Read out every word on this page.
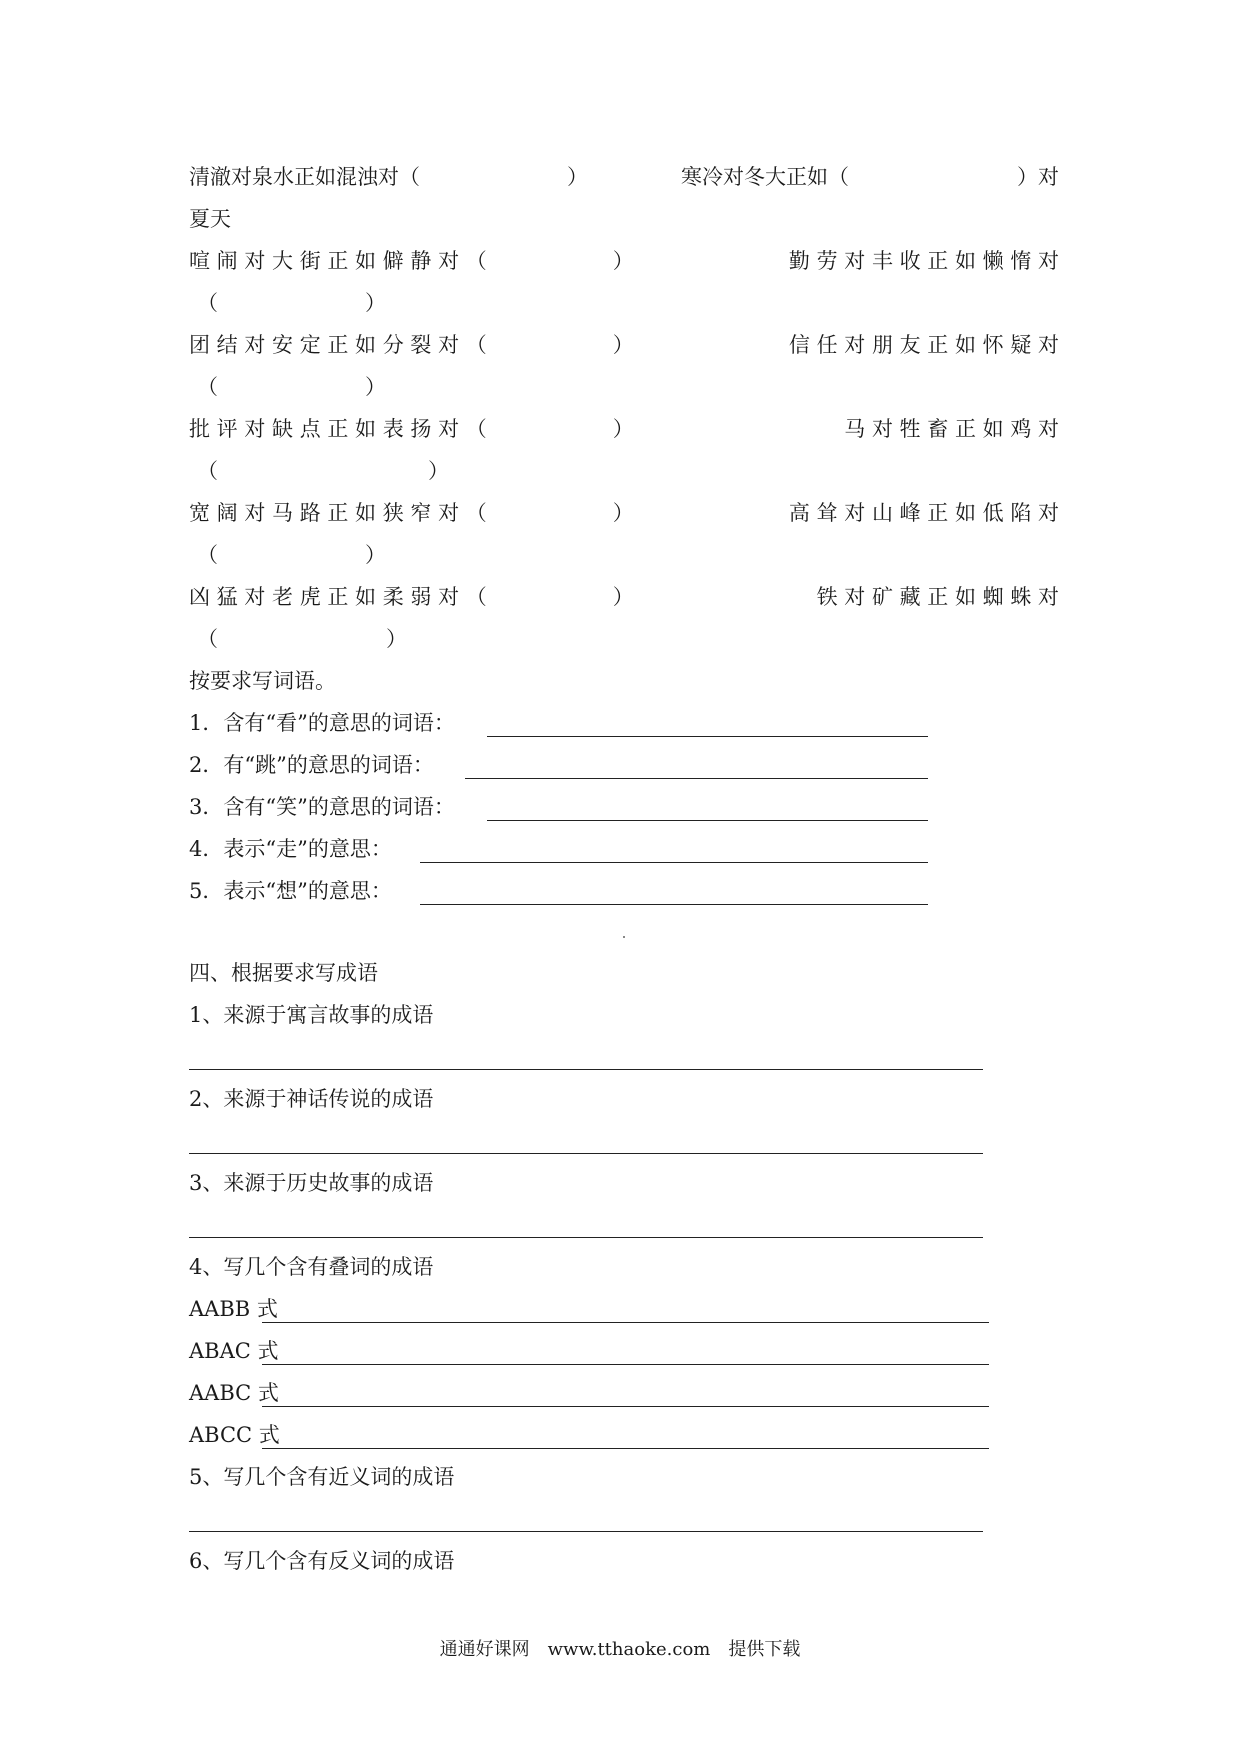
清澈对泉水正如混浊对（　　　　　　　）	寒冷对冬大正如（　　　　　　　　）对
夏天
喧 闹 对 大 街 正 如 僻 静 对 （　　　　　　）	勤 劳 对 丰 收 正 如 懒 惰 对
（　　　　　　　）
团 结 对 安 定 正 如 分 裂 对 （　　　　　　）	信 任 对 朋 友 正 如 怀 疑 对
（　　　　　　　）
批 评 对 缺 点 正 如 表 扬 对 （　　　　　　）	马 对 牲 畜 正 如 鸡 对
（　　　　　　　　　　）
宽 阔 对 马 路 正 如 狭 窄 对 （　　　　　　）	高 耸 对 山 峰 正 如 低 陷 对
（　　　　　　　）
凶 猛 对 老 虎 正 如 柔 弱 对 （　　　　　　）	铁 对 矿 藏 正 如 蜘 蛛 对
（　　　　　　　　）
按要求写词语。
1．含有“看”的意思的词语：
2．有“跳”的意思的词语：
3．含有“笑”的意思的词语：
4．表示“走”的意思：
5．表示“想”的意思：
四、根据要求写成语
1、来源于寓言故事的成语
2、来源于神话传说的成语
3、来源于历史故事的成语
4、写几个含有叠词的成语
AABB 式
ABAC 式
AABC 式
ABCC 式
5、写几个含有近义词的成语
6、写几个含有反义词的成语
通通好课网　www.tthaoke.com　提供下载
